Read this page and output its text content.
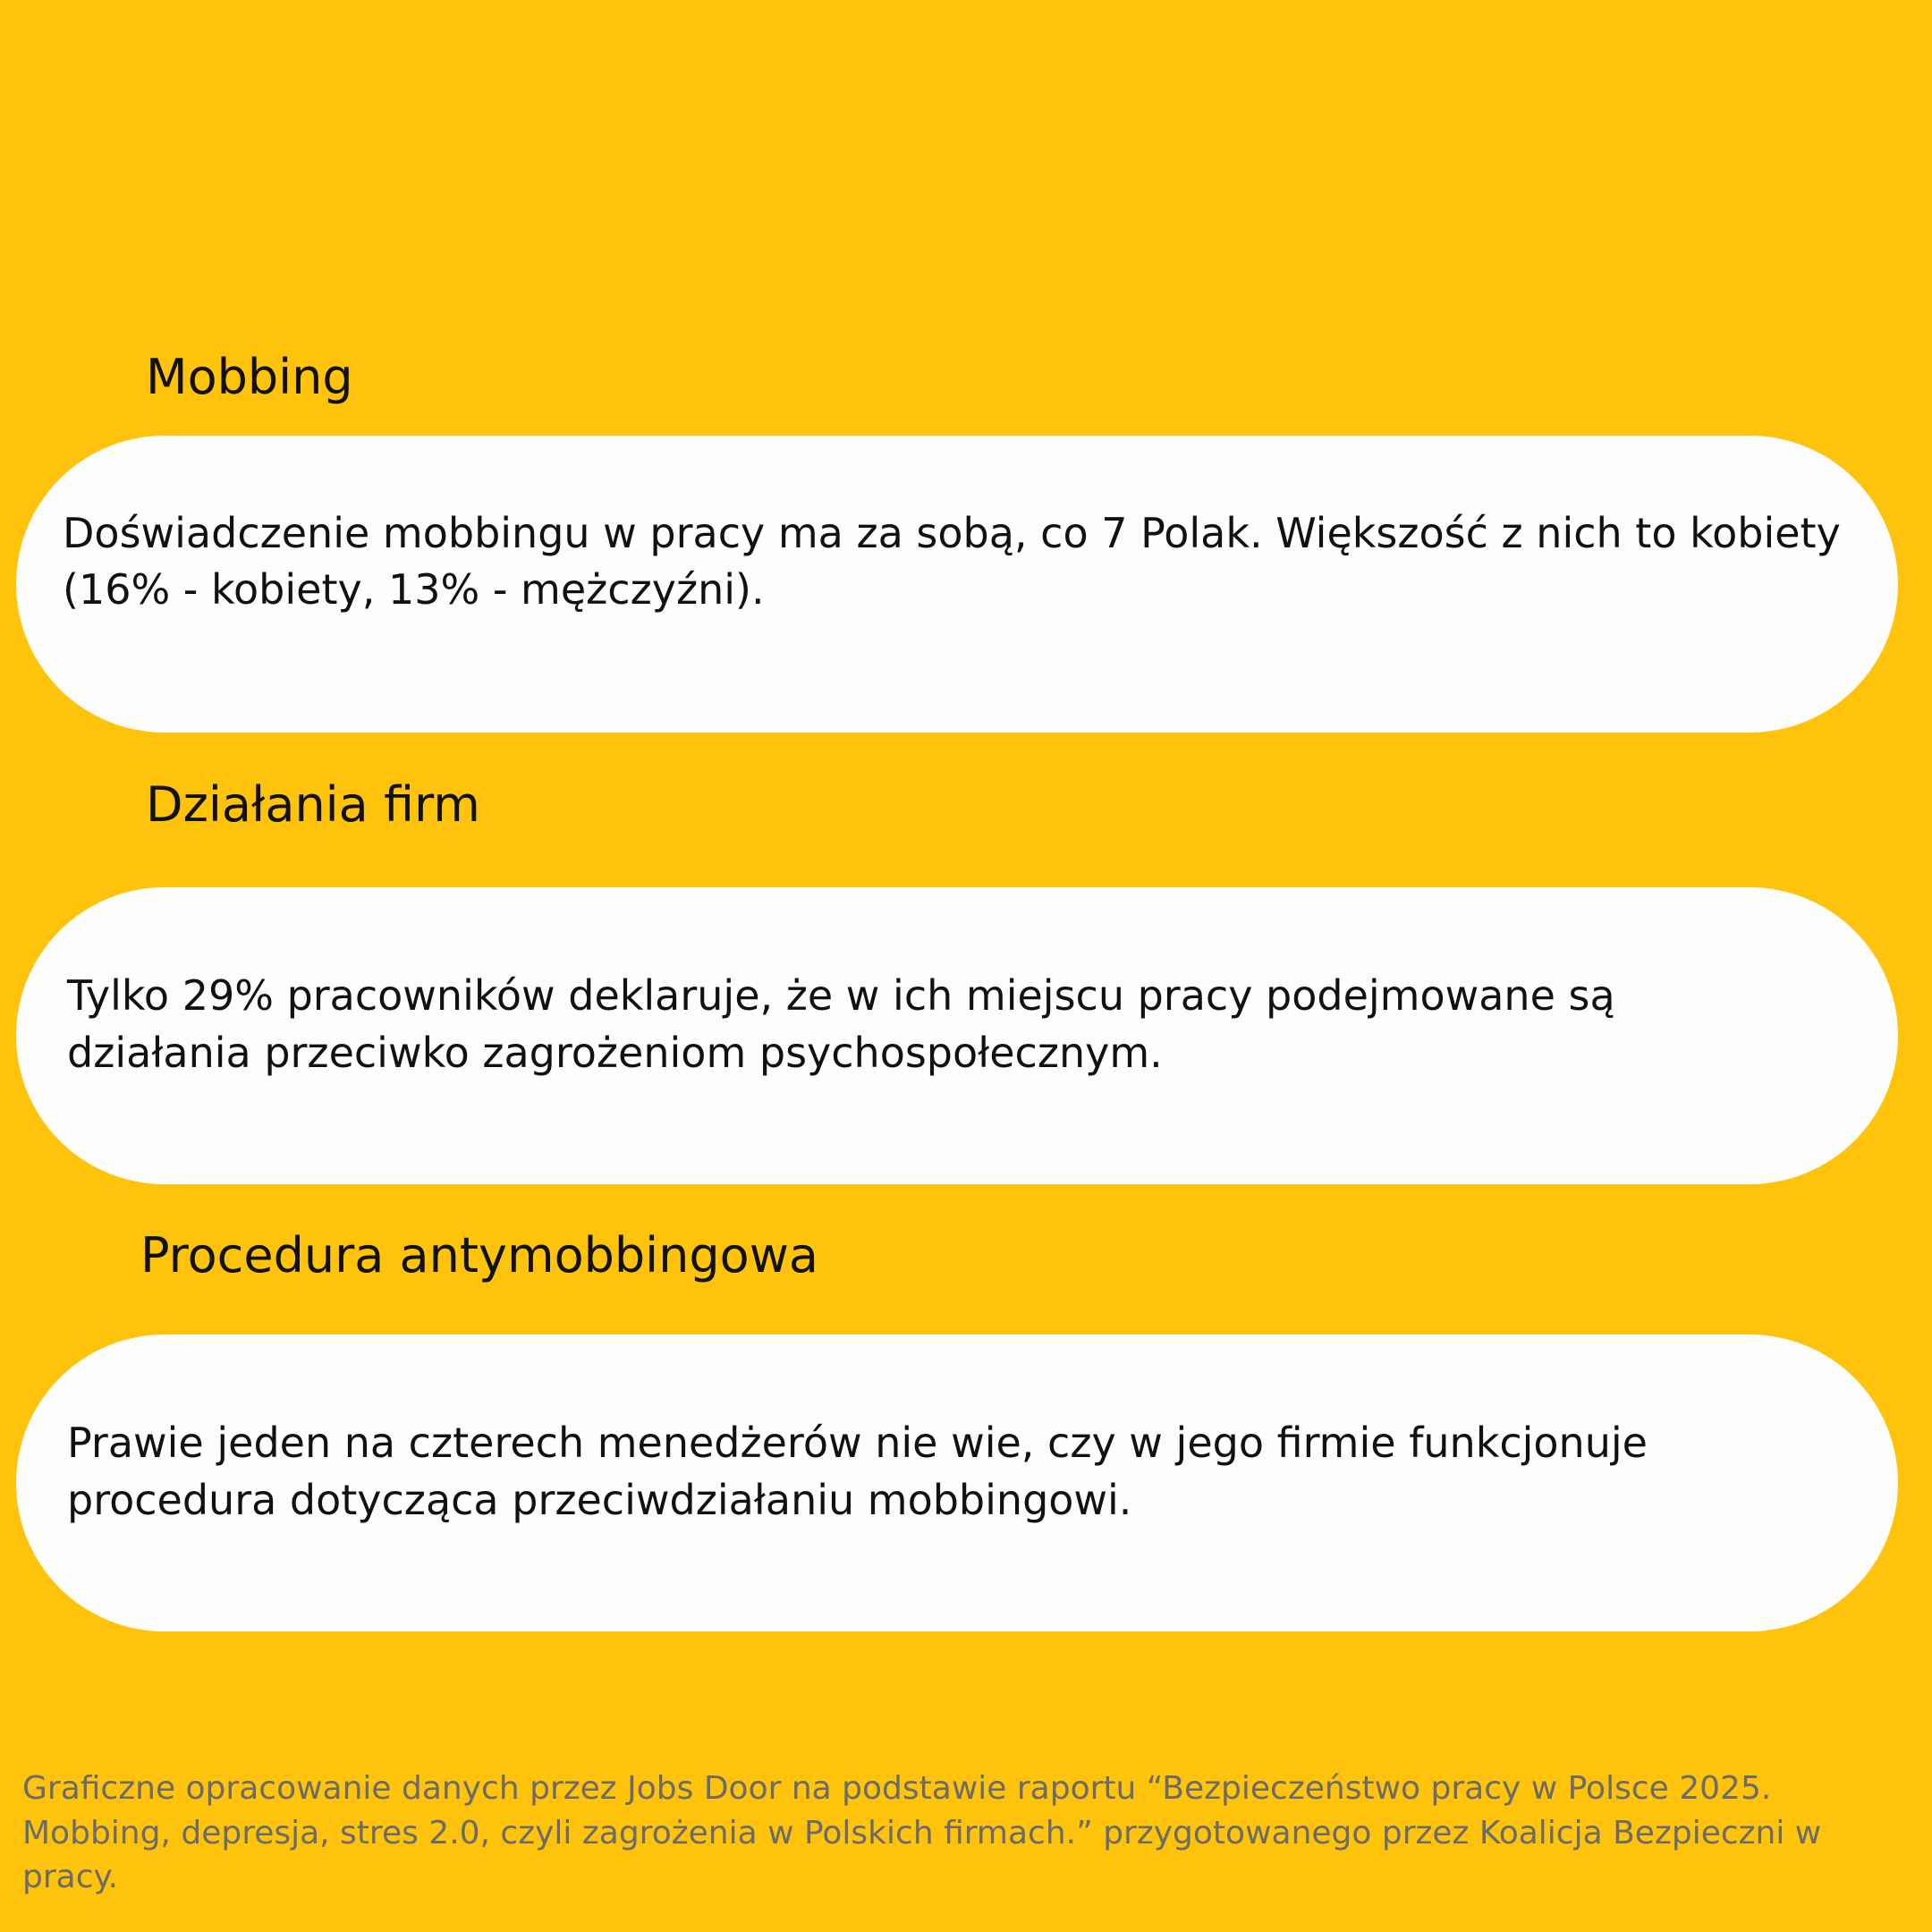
Mobbing

Doświadczenie mobbingu w pracy ma za sobą, co 7 Polak. Większość z nich to kobiety (16% - kobiety, 13% - mężczyźni).

Działania firm

Tylko 29% pracowników deklaruje, że w ich miejscu pracy podejmowane są działania przeciwko zagrożeniom psychospołecznym.

Procedura antymobbingowa

Prawie jeden na czterech menedżerów nie wie, czy w jego firmie funkcjonuje procedura dotycząca przeciwdziałaniu mobbingowi.

Graficzne opracowanie danych przez Jobs Door na podstawie raportu “Bezpieczeństwo pracy w Polsce 2025. Mobbing, depresja, stres 2.0, czyli zagrożenia w Polskich firmach.” przygotowanego przez Koalicja Bezpieczni w pracy.
